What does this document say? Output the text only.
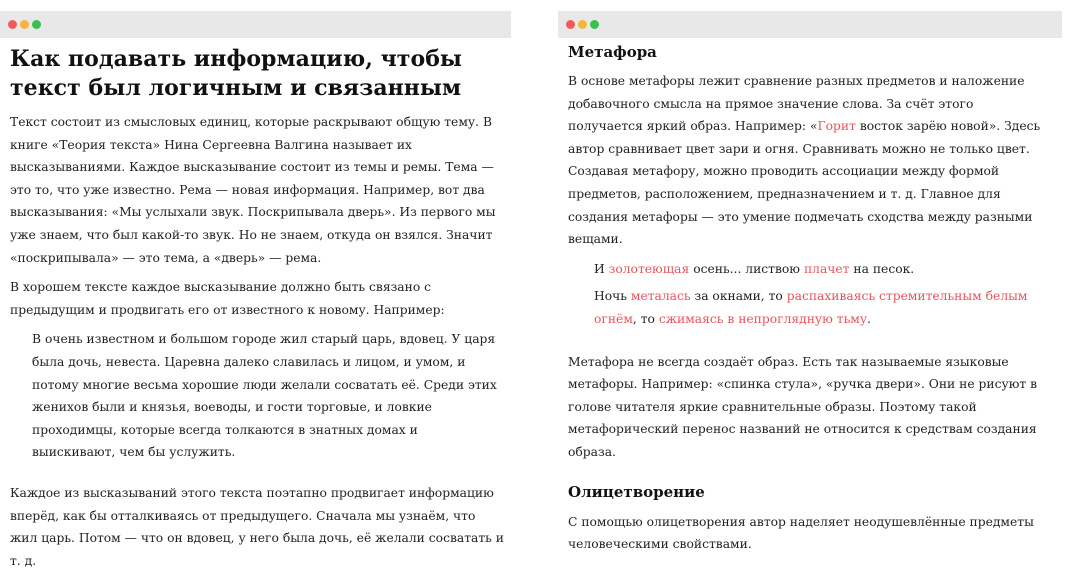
Как подавать информацию, чтобы текст был логичным и связанным

Текст состоит из смысловых единиц, которые раскрывают общую тему. В книге «Теория текста» Нина Сергеевна Валгина называет их высказываниями. Каждое высказывание состоит из темы и ремы. Тема — это то, что уже известно. Рема — новая информация. Например, вот два высказывания: «Мы услыхали звук. Поскрипывала дверь». Из первого мы уже знаем, что был какой-то звук. Но не знаем, откуда он взялся. Значит «поскрипывала» — это тема, а «дверь» — рема.

В хорошем тексте каждое высказывание должно быть связано с предыдущим и продвигать его от известного к новому. Например:

В очень известном и большом городе жил старый царь, вдовец. У царя была дочь, невеста. Царевна далеко славилась и лицом, и умом, и потому многие весьма хорошие люди желали сосватать её. Среди этих женихов были и князья, воеводы, и гости торговые, и ловкие проходимцы, которые всегда толкаются в знатных домах и выискивают, чем бы услужить.

Каждое из высказываний этого текста поэтапно продвигает информацию вперёд, как бы отталкиваясь от предыдущего. Сначала мы узнаём, что жил царь. Потом — что он вдовец, у него была дочь, её желали сосватать и т. д.

Метафора

В основе метафоры лежит сравнение разных предметов и наложение добавочного смысла на прямое значение слова. За счёт этого получается яркий образ. Например: «Горит восток зарёю новой». Здесь автор сравнивает цвет зари и огня. Сравнивать можно не только цвет. Создавая метафору, можно проводить ассоциации между формой предметов, расположением, предназначением и т. д. Главное для создания метафоры — это умение подмечать сходства между разными вещами.

И золотеющая осень... листвою плачет на песок.

Ночь металась за окнами, то распахиваясь стремительным белым огнём, то сжимаясь в непроглядную тьму.

Метафора не всегда создаёт образ. Есть так называемые языковые метафоры. Например: «спинка стула», «ручка двери». Они не рисуют в голове читателя яркие сравнительные образы. Поэтому такой метафорический перенос названий не относится к средствам создания образа.

Олицетворение

С помощью олицетворения автор наделяет неодушевлённые предметы человеческими свойствами.
